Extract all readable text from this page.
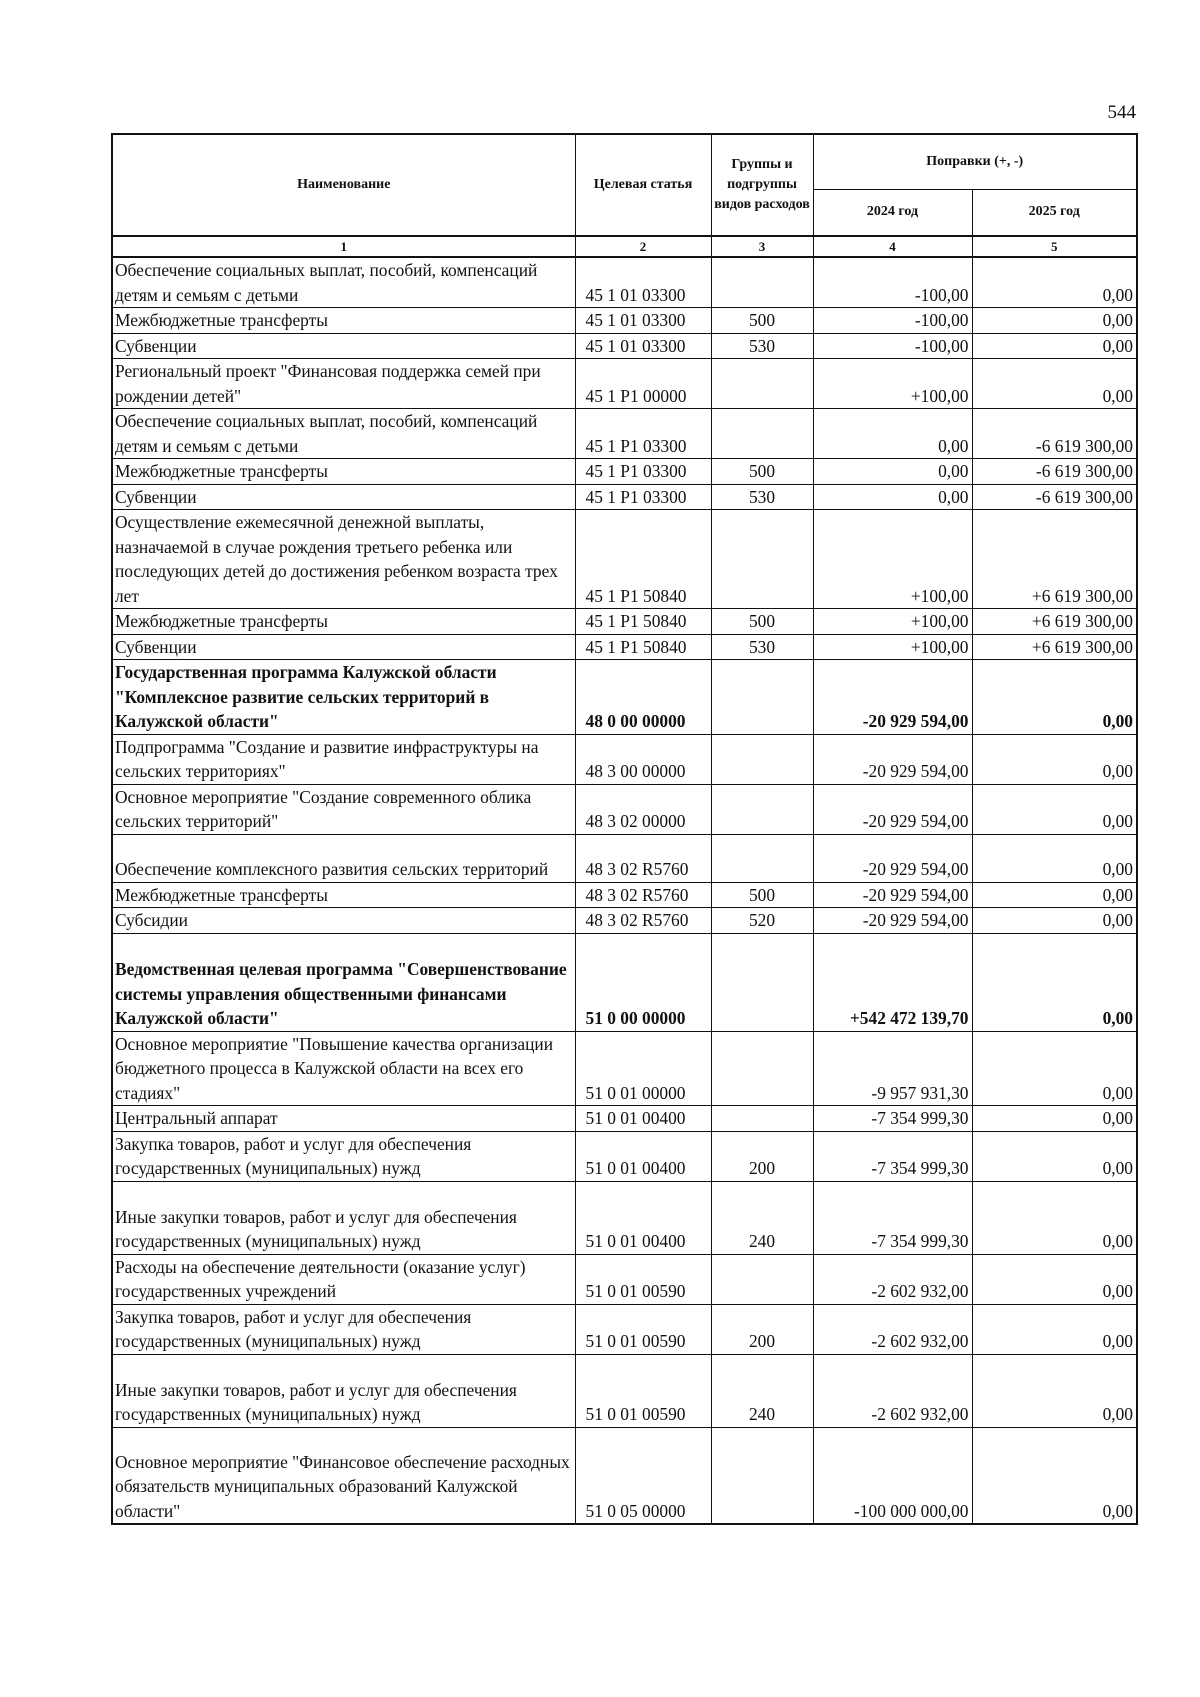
544
Наименование	Целевая статья	Группы и подгруппы видов расходов	Поправки (+, -)	
			2024 год	2025 год
1	2	3	4	5
Обеспечение социальных выплат, пособий, компенсаций детям и семьям с детьми	45 1 01 03300		-100,00	0,00
Межбюджетные трансферты	45 1 01 03300	500	-100,00	0,00
Субвенции	45 1 01 03300	530	-100,00	0,00
Региональный проект "Финансовая поддержка семей при рождении детей"	45 1 P1 00000		+100,00	0,00
Обеспечение социальных выплат, пособий, компенсаций детям и семьям с детьми	45 1 P1 03300		0,00	-6 619 300,00
Межбюджетные трансферты	45 1 P1 03300	500	0,00	-6 619 300,00
Субвенции	45 1 P1 03300	530	0,00	-6 619 300,00
Осуществление ежемесячной денежной выплаты, назначаемой в случае рождения третьего ребенка или последующих детей до достижения ребенком возраста трех лет	45 1 P1 50840		+100,00	+6 619 300,00
Межбюджетные трансферты	45 1 P1 50840	500	+100,00	+6 619 300,00
Субвенции	45 1 P1 50840	530	+100,00	+6 619 300,00
Государственная программа Калужской области "Комплексное развитие сельских территорий в Калужской области"	48 0 00 00000		-20 929 594,00	0,00
Подпрограмма "Создание и развитие инфраструктуры на сельских территориях"	48 3 00 00000		-20 929 594,00	0,00
Основное мероприятие "Создание современного облика сельских территорий"	48 3 02 00000		-20 929 594,00	0,00
Обеспечение комплексного развития сельских территорий	48 3 02 R5760		-20 929 594,00	0,00
Межбюджетные трансферты	48 3 02 R5760	500	-20 929 594,00	0,00
Субсидии	48 3 02 R5760	520	-20 929 594,00	0,00
Ведомственная целевая программа "Совершенствование системы управления общественными финансами Калужской области"	51 0 00 00000		+542 472 139,70	0,00
Основное мероприятие "Повышение качества организации бюджетного процесса в Калужской области на всех его стадиях"	51 0 01 00000		-9 957 931,30	0,00
Центральный аппарат	51 0 01 00400		-7 354 999,30	0,00
Закупка товаров, работ и услуг для обеспечения государственных (муниципальных) нужд	51 0 01 00400	200	-7 354 999,30	0,00
Иные закупки товаров, работ и услуг для обеспечения государственных (муниципальных) нужд	51 0 01 00400	240	-7 354 999,30	0,00
Расходы на обеспечение деятельности (оказание услуг) государственных учреждений	51 0 01 00590		-2 602 932,00	0,00
Закупка товаров, работ и услуг для обеспечения государственных (муниципальных) нужд	51 0 01 00590	200	-2 602 932,00	0,00
Иные закупки товаров, работ и услуг для обеспечения государственных (муниципальных) нужд	51 0 01 00590	240	-2 602 932,00	0,00
Основное мероприятие "Финансовое обеспечение расходных обязательств муниципальных образований Калужской области"	51 0 05 00000		-100 000 000,00	0,00
